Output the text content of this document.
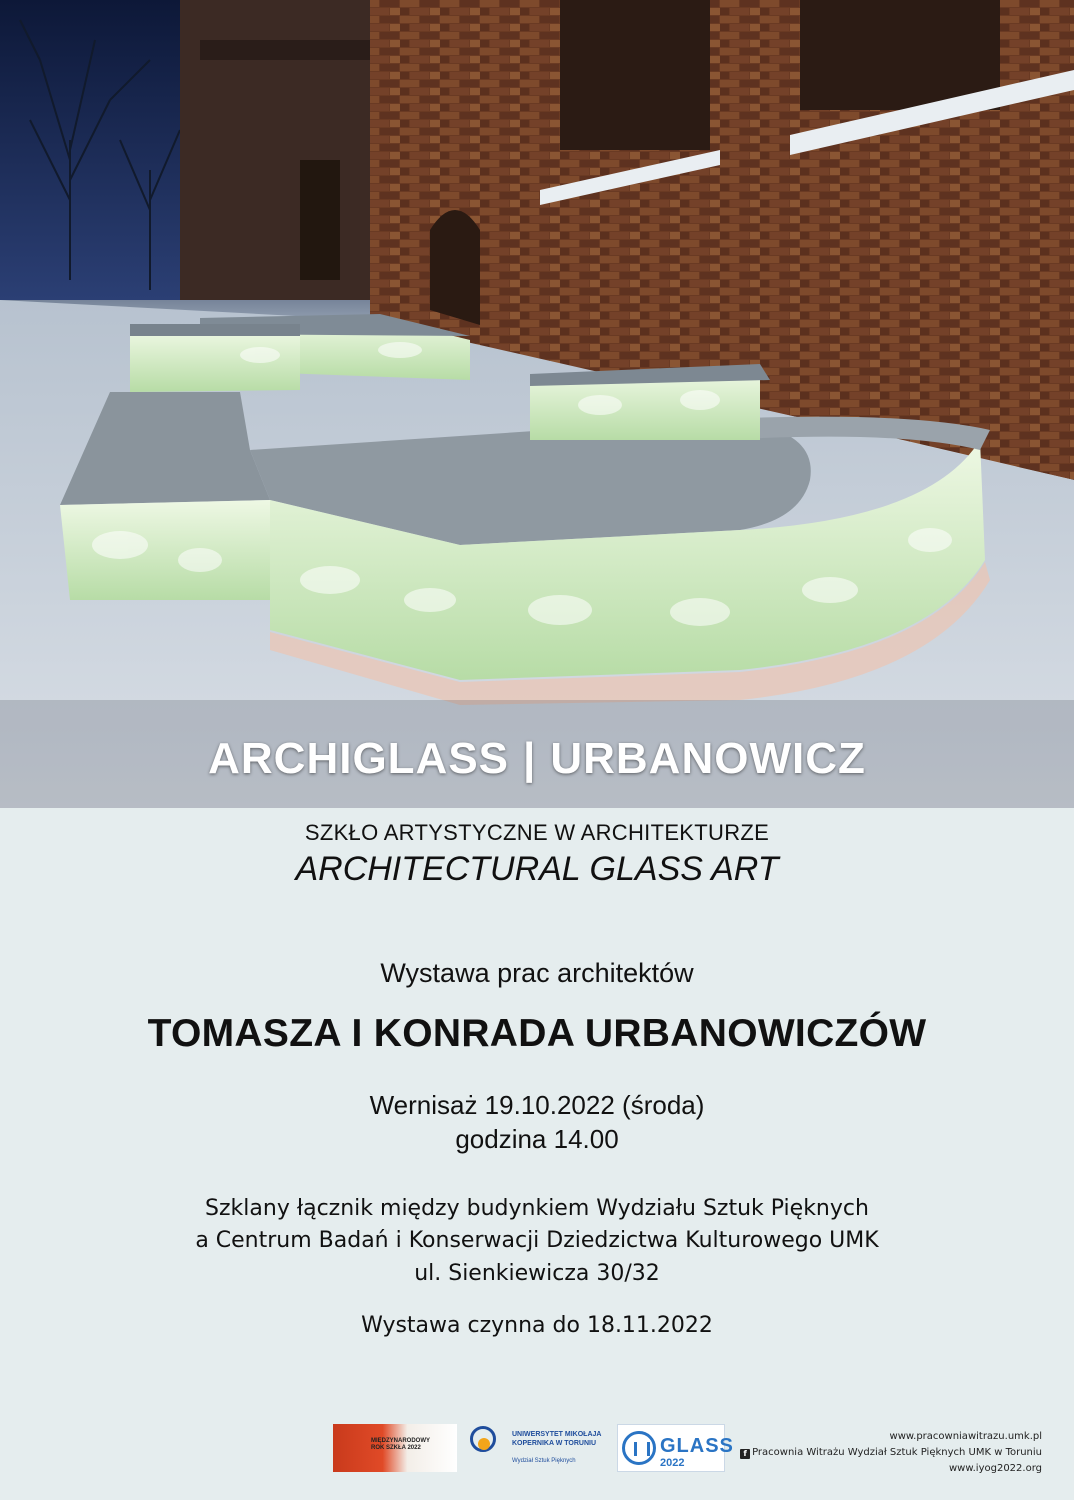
ARCHIGLASS | URBANOWICZ
SZKŁO ARTYSTYCZNE W ARCHITEKTURZE
ARCHITECTURAL GLASS ART
Wystawa prac architektów
TOMASZA I KONRADA URBANOWICZÓW
Wernisaż 19.10.2022 (środa)
godzina 14.00
Szklany łącznik między budynkiem Wydziału Sztuk Pięknych
a Centrum Badań i Konserwacji Dziedzictwa Kulturowego UMK
ul. Sienkiewicza 30/32
Wystawa czynna do 18.11.2022
MIĘDZYNARODOWY ROK SZKŁA 2022
UNIWERSYTET MIKOŁAJA KOPERNIKA W TORUNIU
Wydział Sztuk Pięknych
GLASS
2022
www.pracowniawitrazu.umk.pl
f Pracownia Witrażu Wydział Sztuk Pięknych UMK w Toruniu
www.iyog2022.org
